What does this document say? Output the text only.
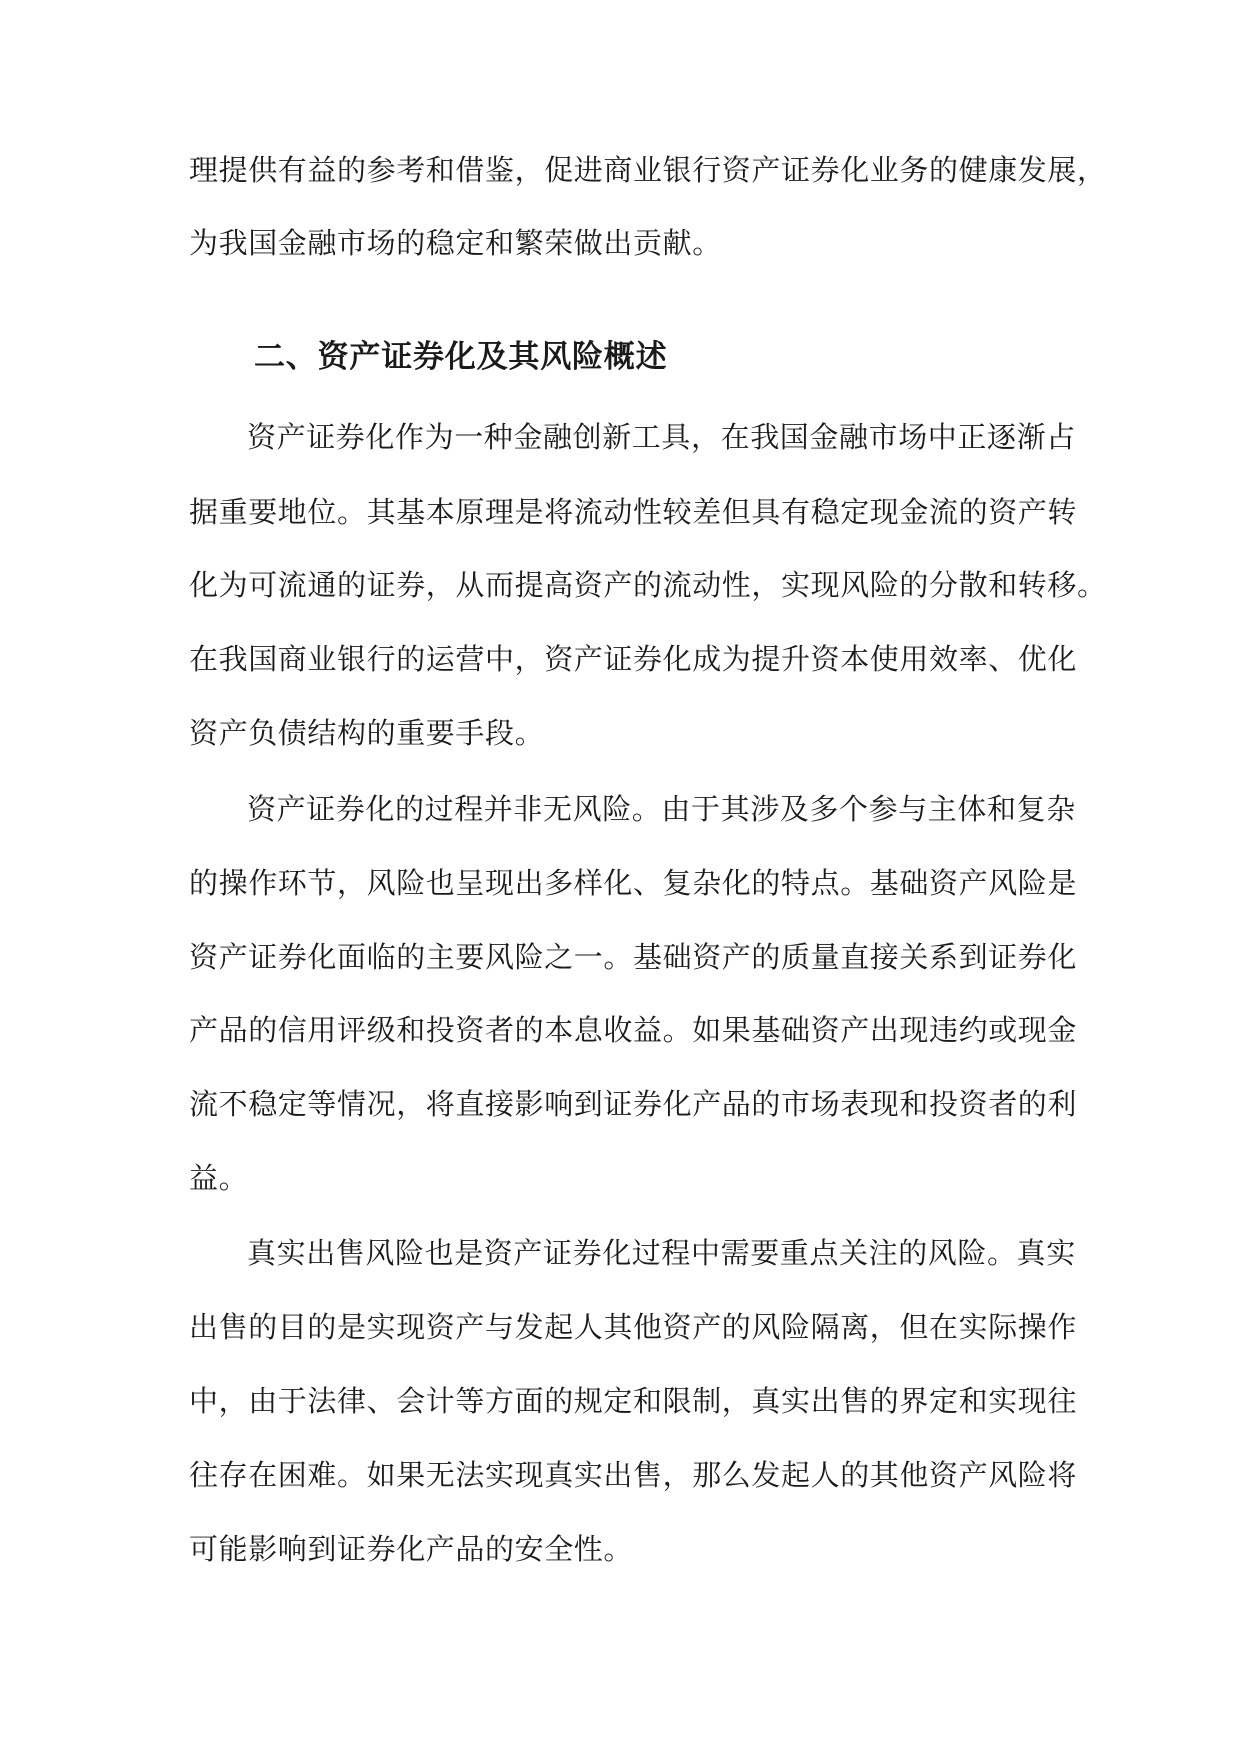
理提供有益的参考和借鉴，促进商业银行资产证券化业务的健康发展，
为我国金融市场的稳定和繁荣做出贡献。
二、资产证券化及其风险概述
资产证券化作为一种金融创新工具，在我国金融市场中正逐渐占
据重要地位。其基本原理是将流动性较差但具有稳定现金流的资产转
化为可流通的证券，从而提高资产的流动性，实现风险的分散和转移。
在我国商业银行的运营中，资产证券化成为提升资本使用效率、优化
资产负债结构的重要手段。
资产证券化的过程并非无风险。由于其涉及多个参与主体和复杂
的操作环节，风险也呈现出多样化、复杂化的特点。基础资产风险是
资产证券化面临的主要风险之一。基础资产的质量直接关系到证券化
产品的信用评级和投资者的本息收益。如果基础资产出现违约或现金
流不稳定等情况，将直接影响到证券化产品的市场表现和投资者的利
益。
真实出售风险也是资产证券化过程中需要重点关注的风险。真实
出售的目的是实现资产与发起人其他资产的风险隔离，但在实际操作
中，由于法律、会计等方面的规定和限制，真实出售的界定和实现往
往存在困难。如果无法实现真实出售，那么发起人的其他资产风险将
可能影响到证券化产品的安全性。
